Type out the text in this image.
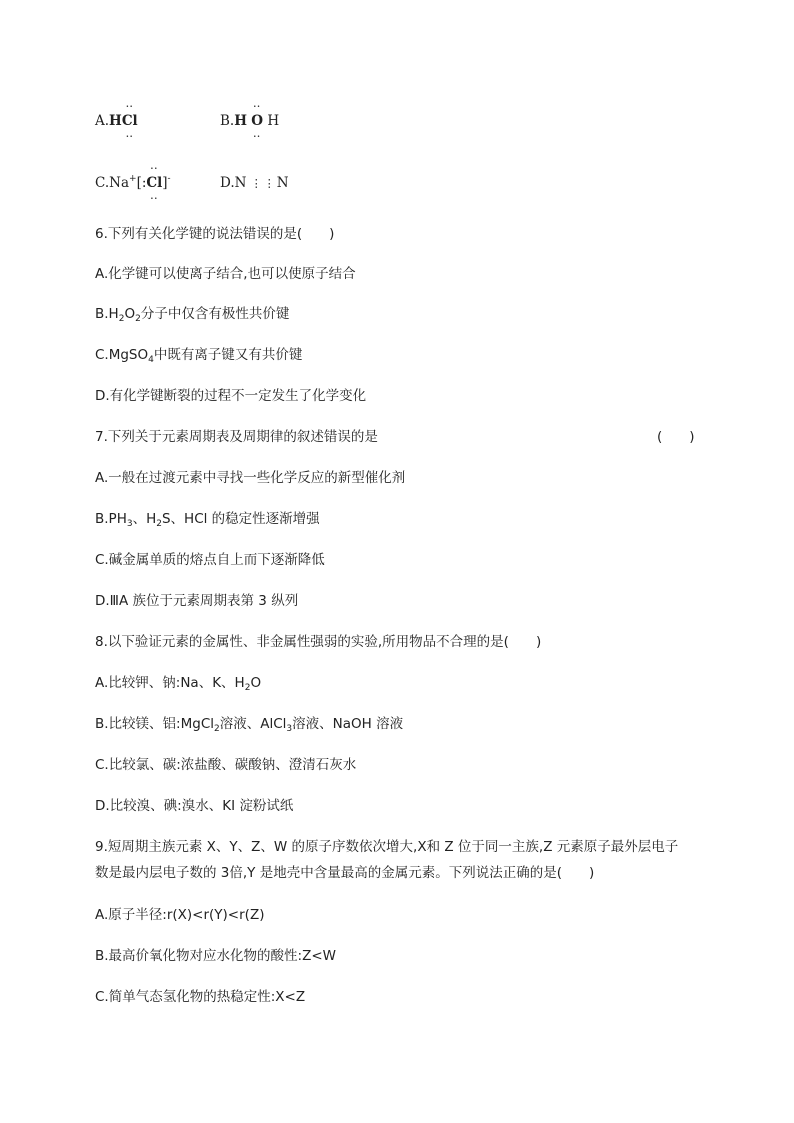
A.H
··
Cl
··
B.H
··
O
··
H
C.Na+[:
··
Cl
··
]-	D.N ⋮⋮N
6.下列有关化学键的说法错误的是(　　)
A.化学键可以使离子结合,也可以使原子结合
$B.H_2O_2$分子中仅含有极性共价键
C.MgSO$_4$中既有离子键又有共价键
D.有化学键断裂的过程不一定发生了化学变化
7.下列关于元素周期表及周期律的叙述错误的是	(　　)
A.一般在过渡元素中寻找一些化学反应的新型催化剂
$B.PH_3$、$H_2S$、HCl 的稳定性逐渐增强
C.碱金属单质的熔点自上而下逐渐降低
D.ⅢA 族位于元素周期表第 3 纵列
8.以下验证元素的金属性、非金属性强弱的实验,所用物品不合理的是(　　)
A.比较钾、钠:Na、K、$H_2O$
B.比较镁、铝:MgCl$_2$溶液、AlCl$_3$溶液、NaOH 溶液
C.比较氯、碳:浓盐酸、碳酸钠、澄清石灰水
D.比较溴、碘:溴水、KI 淀粉试纸
9.短周期主族元素 X、Y、Z、W 的原子序数依次增大,X和 Z 位于同一主族,Z 元素原子最外层电子
数是最内层电子数的 3倍,Y 是地壳中含量最高的金属元素。下列说法正确的是(　　)
A.原子半径:r(X)<r(Y)<r(Z)
B.最高价氧化物对应水化物的酸性:Z<W
C.简单气态氢化物的热稳定性:X<Z
